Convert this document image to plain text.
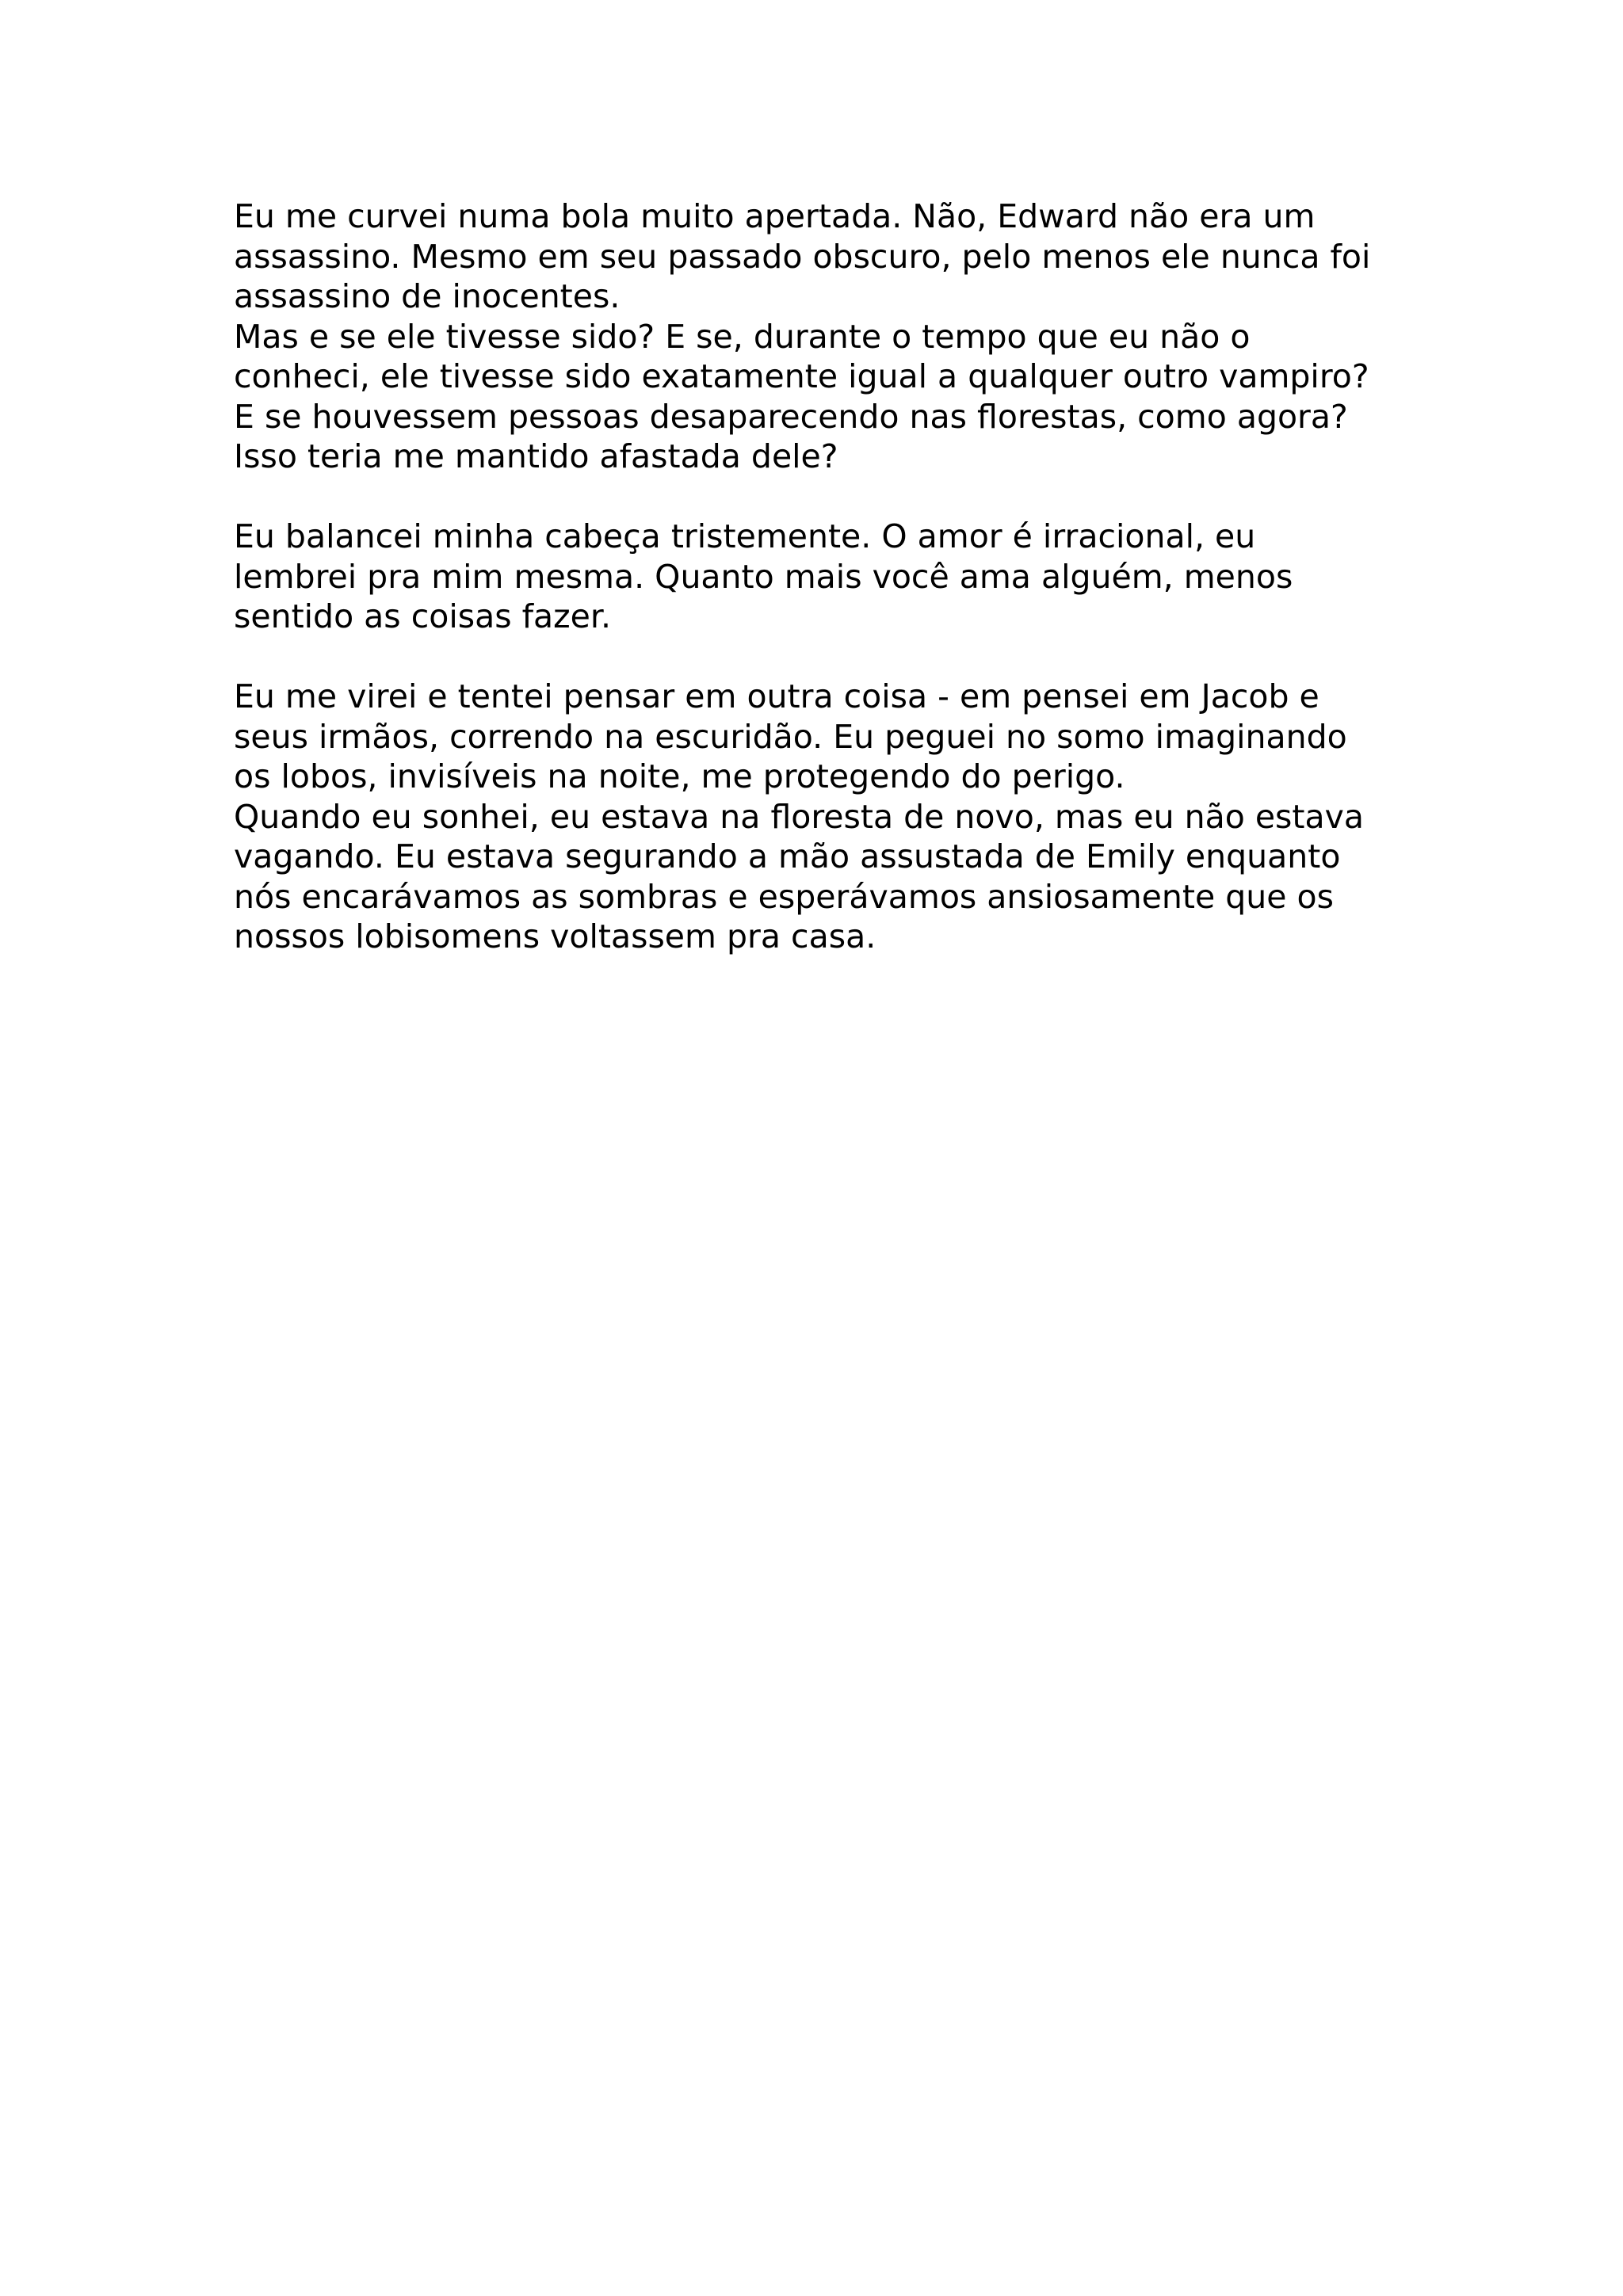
Eu me curvei numa bola muito apertada. Não, Edward não era um
assassino. Mesmo em seu passado obscuro, pelo menos ele nunca foi
assassino de inocentes.
Mas e se ele tivesse sido? E se, durante o tempo que eu não o
conheci, ele tivesse sido exatamente igual a qualquer outro vampiro?
E se houvessem pessoas desaparecendo nas florestas, como agora?
Isso teria me mantido afastada dele?
Eu balancei minha cabeça tristemente. O amor é irracional, eu
lembrei pra mim mesma. Quanto mais você ama alguém, menos
sentido as coisas fazer.
Eu me virei e tentei pensar em outra coisa - em pensei em Jacob e
seus irmãos, correndo na escuridão. Eu peguei no somo imaginando
os lobos, invisíveis na noite, me protegendo do perigo.
Quando eu sonhei, eu estava na floresta de novo, mas eu não estava
vagando. Eu estava segurando a mão assustada de Emily enquanto
nós encarávamos as sombras e esperávamos ansiosamente que os
nossos lobisomens voltassem pra casa.
